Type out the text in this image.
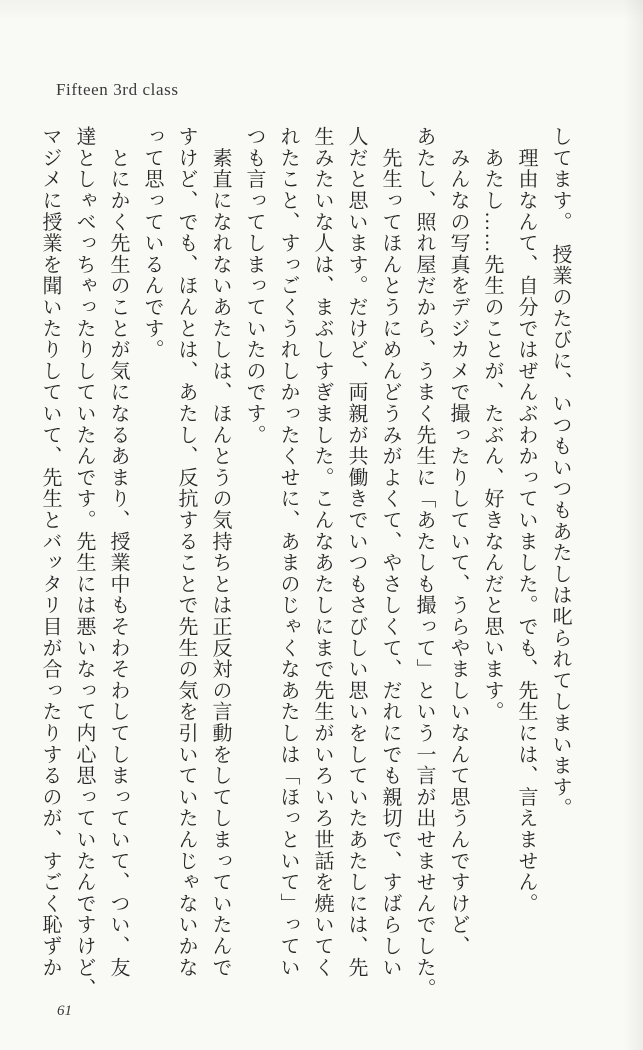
Fifteen 3rd class
してます。　授業のたびに、いつもいつもあたしは叱られてしまいます。
　理由なんて、自分ではぜんぶわかっていました。でも、先生には、言えません。
　あたし……先生のことが、たぶん、好きなんだと思います。
　みんなの写真をデジカメで撮ったりしていて、うらやましいなんて思うんですけど、
あたし、照れ屋だから、うまく先生に「あたしも撮って」という一言が出せませんでした。
　先生ってほんとうにめんどうみがよくて、やさしくて、だれにでも親切で、すばらしい
人だと思います。だけど、両親が共働きでいつもさびしい思いをしていたあたしには、先
生みたいな人は、まぶしすぎました。こんなあたしにまで先生がいろいろ世話を焼いてく
れたこと、すっごくうれしかったくせに、あまのじゃくなあたしは「ほっといて」ってい
つも言ってしまっていたのです。
　素直になれないあたしは、ほんとうの気持ちとは正反対の言動をしてしまっていたんで
すけど、でも、ほんとは、あたし、反抗することで先生の気を引いていたんじゃないかな
って思っているんです。
　とにかく先生のことが気になるあまり、授業中もそわそわしてしまっていて、つい、友
達としゃべっちゃったりしていたんです。先生には悪いなって内心思っていたんですけど、
マジメに授業を聞いたりしていて、先生とバッタリ目が合ったりするのが、すごく恥ずか
61
